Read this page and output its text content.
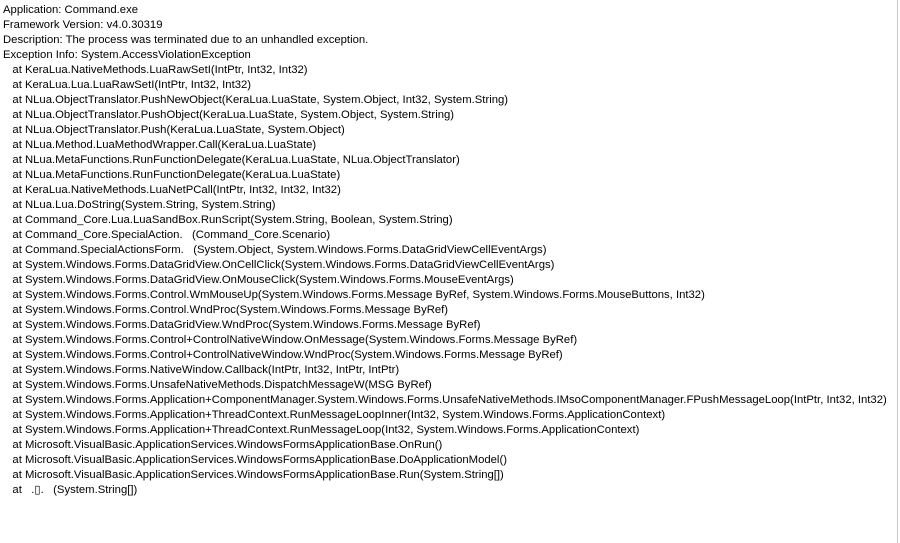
Application: Command.exe
Framework Version: v4.0.30319
Description: The process was terminated due to an unhandled exception.
Exception Info: System.AccessViolationException
at KeraLua.NativeMethods.LuaRawSetI(IntPtr, Int32, Int32)
at KeraLua.Lua.LuaRawSetI(IntPtr, Int32, Int32)
at NLua.ObjectTranslator.PushNewObject(KeraLua.LuaState, System.Object, Int32, System.String)
at NLua.ObjectTranslator.PushObject(KeraLua.LuaState, System.Object, System.String)
at NLua.ObjectTranslator.Push(KeraLua.LuaState, System.Object)
at NLua.Method.LuaMethodWrapper.Call(KeraLua.LuaState)
at NLua.MetaFunctions.RunFunctionDelegate(KeraLua.LuaState, NLua.ObjectTranslator)
at NLua.MetaFunctions.RunFunctionDelegate(KeraLua.LuaState)
at KeraLua.NativeMethods.LuaNetPCall(IntPtr, Int32, Int32, Int32)
at NLua.Lua.DoString(System.String, System.String)
at Command_Core.Lua.LuaSandBox.RunScript(System.String, Boolean, System.String)
at Command_Core.SpecialAction.   (Command_Core.Scenario)
at Command.SpecialActionsForm.   (System.Object, System.Windows.Forms.DataGridViewCellEventArgs)
at System.Windows.Forms.DataGridView.OnCellClick(System.Windows.Forms.DataGridViewCellEventArgs)
at System.Windows.Forms.DataGridView.OnMouseClick(System.Windows.Forms.MouseEventArgs)
at System.Windows.Forms.Control.WmMouseUp(System.Windows.Forms.Message ByRef, System.Windows.Forms.MouseButtons, Int32)
at System.Windows.Forms.Control.WndProc(System.Windows.Forms.Message ByRef)
at System.Windows.Forms.DataGridView.WndProc(System.Windows.Forms.Message ByRef)
at System.Windows.Forms.Control+ControlNativeWindow.OnMessage(System.Windows.Forms.Message ByRef)
at System.Windows.Forms.Control+ControlNativeWindow.WndProc(System.Windows.Forms.Message ByRef)
at System.Windows.Forms.NativeWindow.Callback(IntPtr, Int32, IntPtr, IntPtr)
at System.Windows.Forms.UnsafeNativeMethods.DispatchMessageW(MSG ByRef)
at System.Windows.Forms.Application+ComponentManager.System.Windows.Forms.UnsafeNativeMethods.IMsoComponentManager.FPushMessageLoop(IntPtr, Int32, Int32)
at System.Windows.Forms.Application+ThreadContext.RunMessageLoopInner(Int32, System.Windows.Forms.ApplicationContext)
at System.Windows.Forms.Application+ThreadContext.RunMessageLoop(Int32, System.Windows.Forms.ApplicationContext)
at Microsoft.VisualBasic.ApplicationServices.WindowsFormsApplicationBase.OnRun()
at Microsoft.VisualBasic.ApplicationServices.WindowsFormsApplicationBase.DoApplicationModel()
at Microsoft.VisualBasic.ApplicationServices.WindowsFormsApplicationBase.Run(System.String[])
at   .▯.   (System.String[])
